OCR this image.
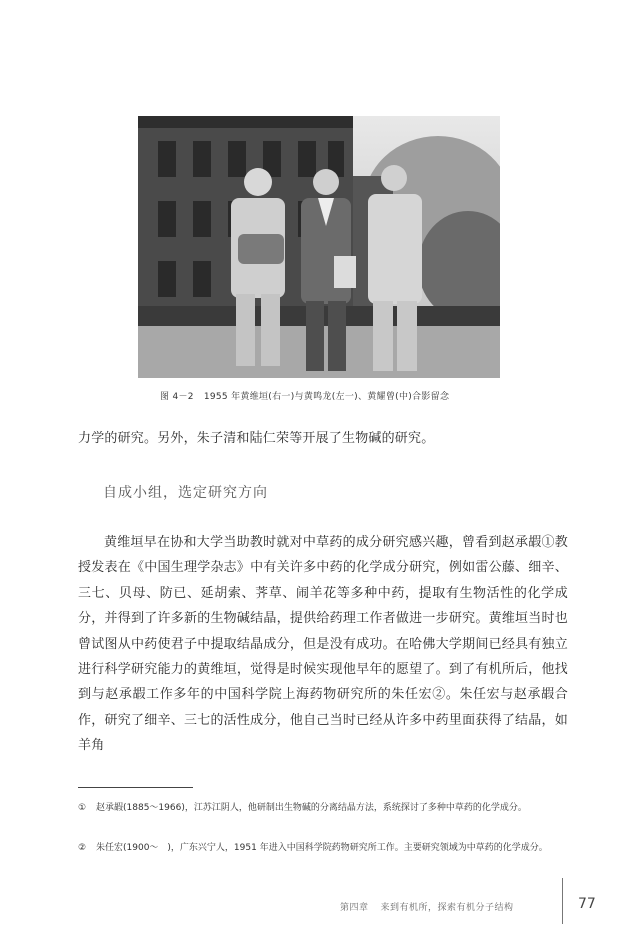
图 4－2 1955 年黄维垣(右一)与黄鸣龙(左一)、黄耀曾(中)合影留念
力学的研究。另外，朱子清和陆仁荣等开展了生物碱的研究。
自成小组，选定研究方向
黄维垣早在协和大学当助教时就对中草药的成分研究感兴趣，曾看到赵承嘏①教授发表在《中国生理学杂志》中有关许多中药的化学成分研究，例如雷公藤、细辛、三七、贝母、防已、延胡索、荠草、闹羊花等多种中药，提取有生物活性的化学成分，并得到了许多新的生物碱结晶，提供给药理工作者做进一步研究。黄维垣当时也曾试图从中药使君子中提取结晶成分，但是没有成功。在哈佛大学期间已经具有独立进行科学研究能力的黄维垣，觉得是时候实现他早年的愿望了。到了有机所后，他找到与赵承嘏工作多年的中国科学院上海药物研究所的朱任宏②。朱任宏与赵承嘏合作，研究了细辛、三七的活性成分，他自己当时已经从许多中药里面获得了结晶，如羊角
① 赵承嘏(1885～1966)，江苏江阴人，他研制出生物碱的分离结晶方法，系统探讨了多种中草药的化学成分。
② 朱任宏(1900～　)，广东兴宁人，1951 年进入中国科学院药物研究所工作。主要研究领域为中草药的化学成分。
第四章 来到有机所，探索有机分子结构	77
